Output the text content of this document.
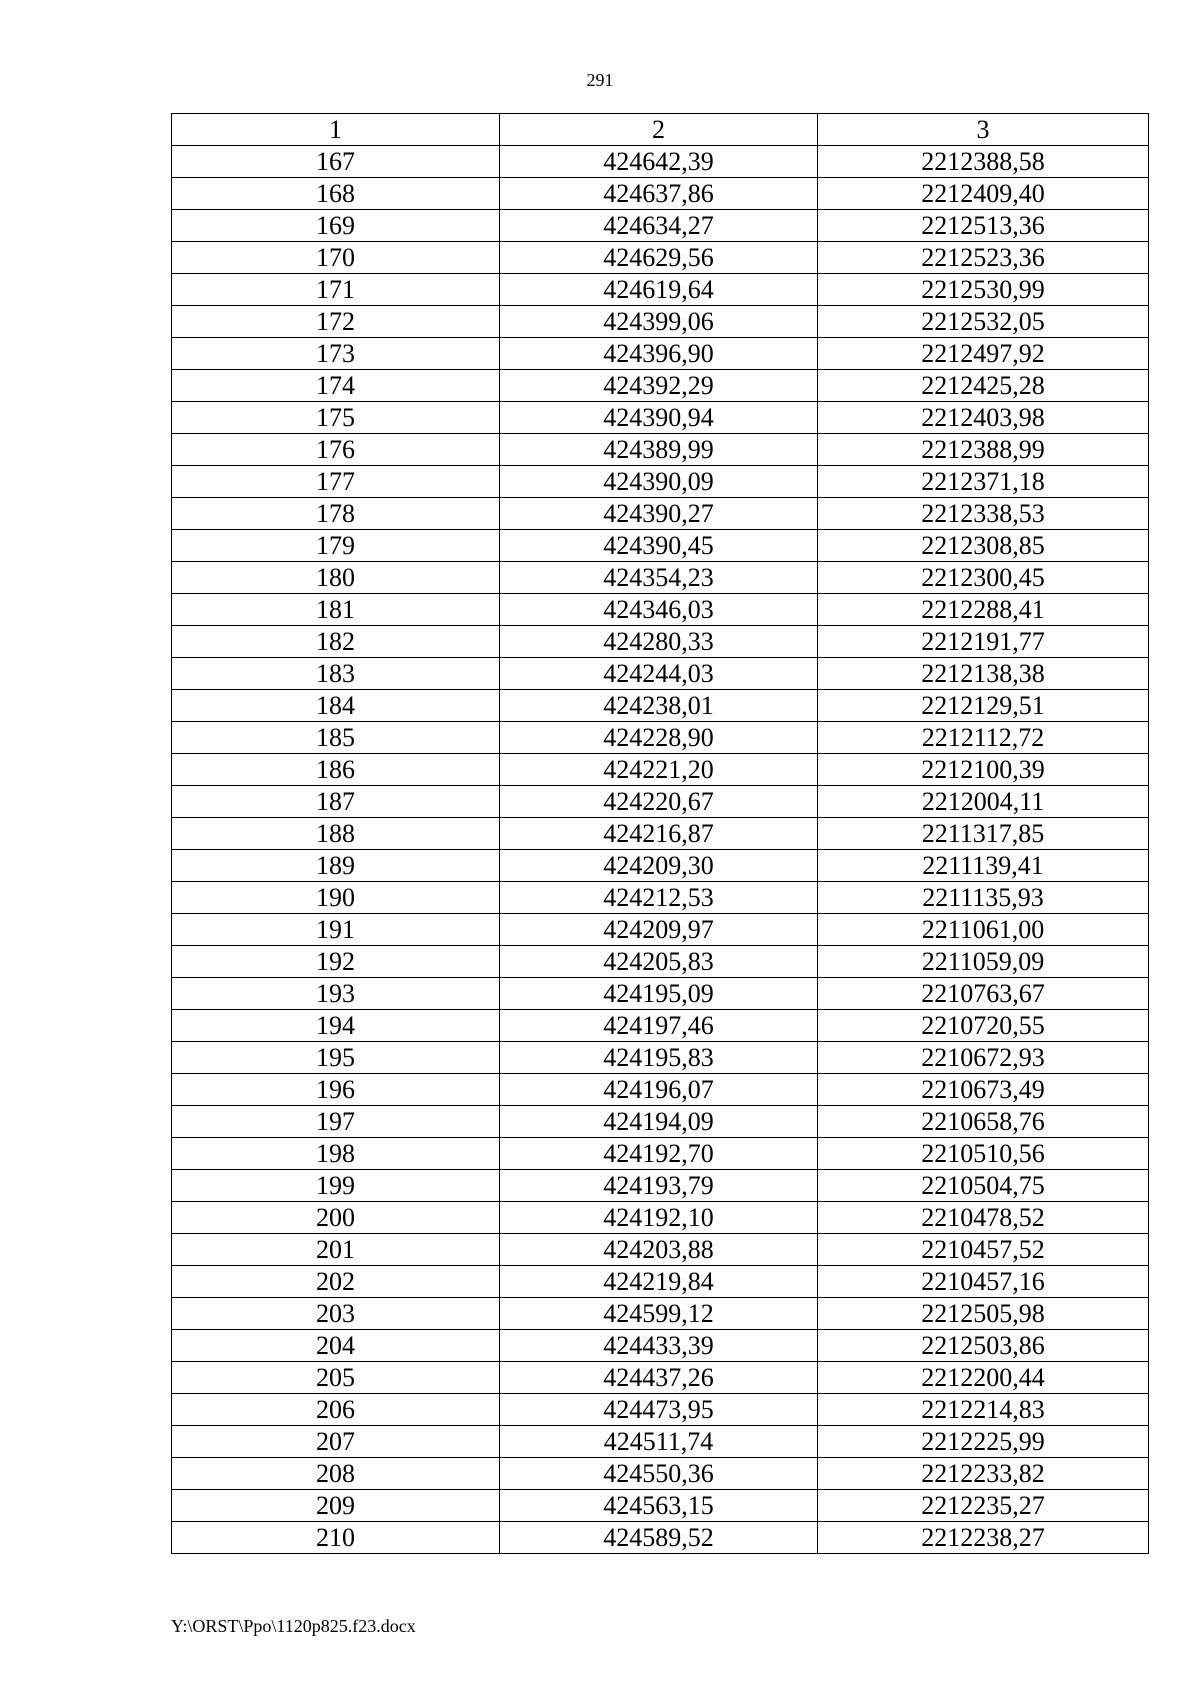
291
1	2	3
167	424642,39	2212388,58
168	424637,86	2212409,40
169	424634,27	2212513,36
170	424629,56	2212523,36
171	424619,64	2212530,99
172	424399,06	2212532,05
173	424396,90	2212497,92
174	424392,29	2212425,28
175	424390,94	2212403,98
176	424389,99	2212388,99
177	424390,09	2212371,18
178	424390,27	2212338,53
179	424390,45	2212308,85
180	424354,23	2212300,45
181	424346,03	2212288,41
182	424280,33	2212191,77
183	424244,03	2212138,38
184	424238,01	2212129,51
185	424228,90	2212112,72
186	424221,20	2212100,39
187	424220,67	2212004,11
188	424216,87	2211317,85
189	424209,30	2211139,41
190	424212,53	2211135,93
191	424209,97	2211061,00
192	424205,83	2211059,09
193	424195,09	2210763,67
194	424197,46	2210720,55
195	424195,83	2210672,93
196	424196,07	2210673,49
197	424194,09	2210658,76
198	424192,70	2210510,56
199	424193,79	2210504,75
200	424192,10	2210478,52
201	424203,88	2210457,52
202	424219,84	2210457,16
203	424599,12	2212505,98
204	424433,39	2212503,86
205	424437,26	2212200,44
206	424473,95	2212214,83
207	424511,74	2212225,99
208	424550,36	2212233,82
209	424563,15	2212235,27
210	424589,52	2212238,27
Y:\ORST\Ppo\1120p825.f23.docx
